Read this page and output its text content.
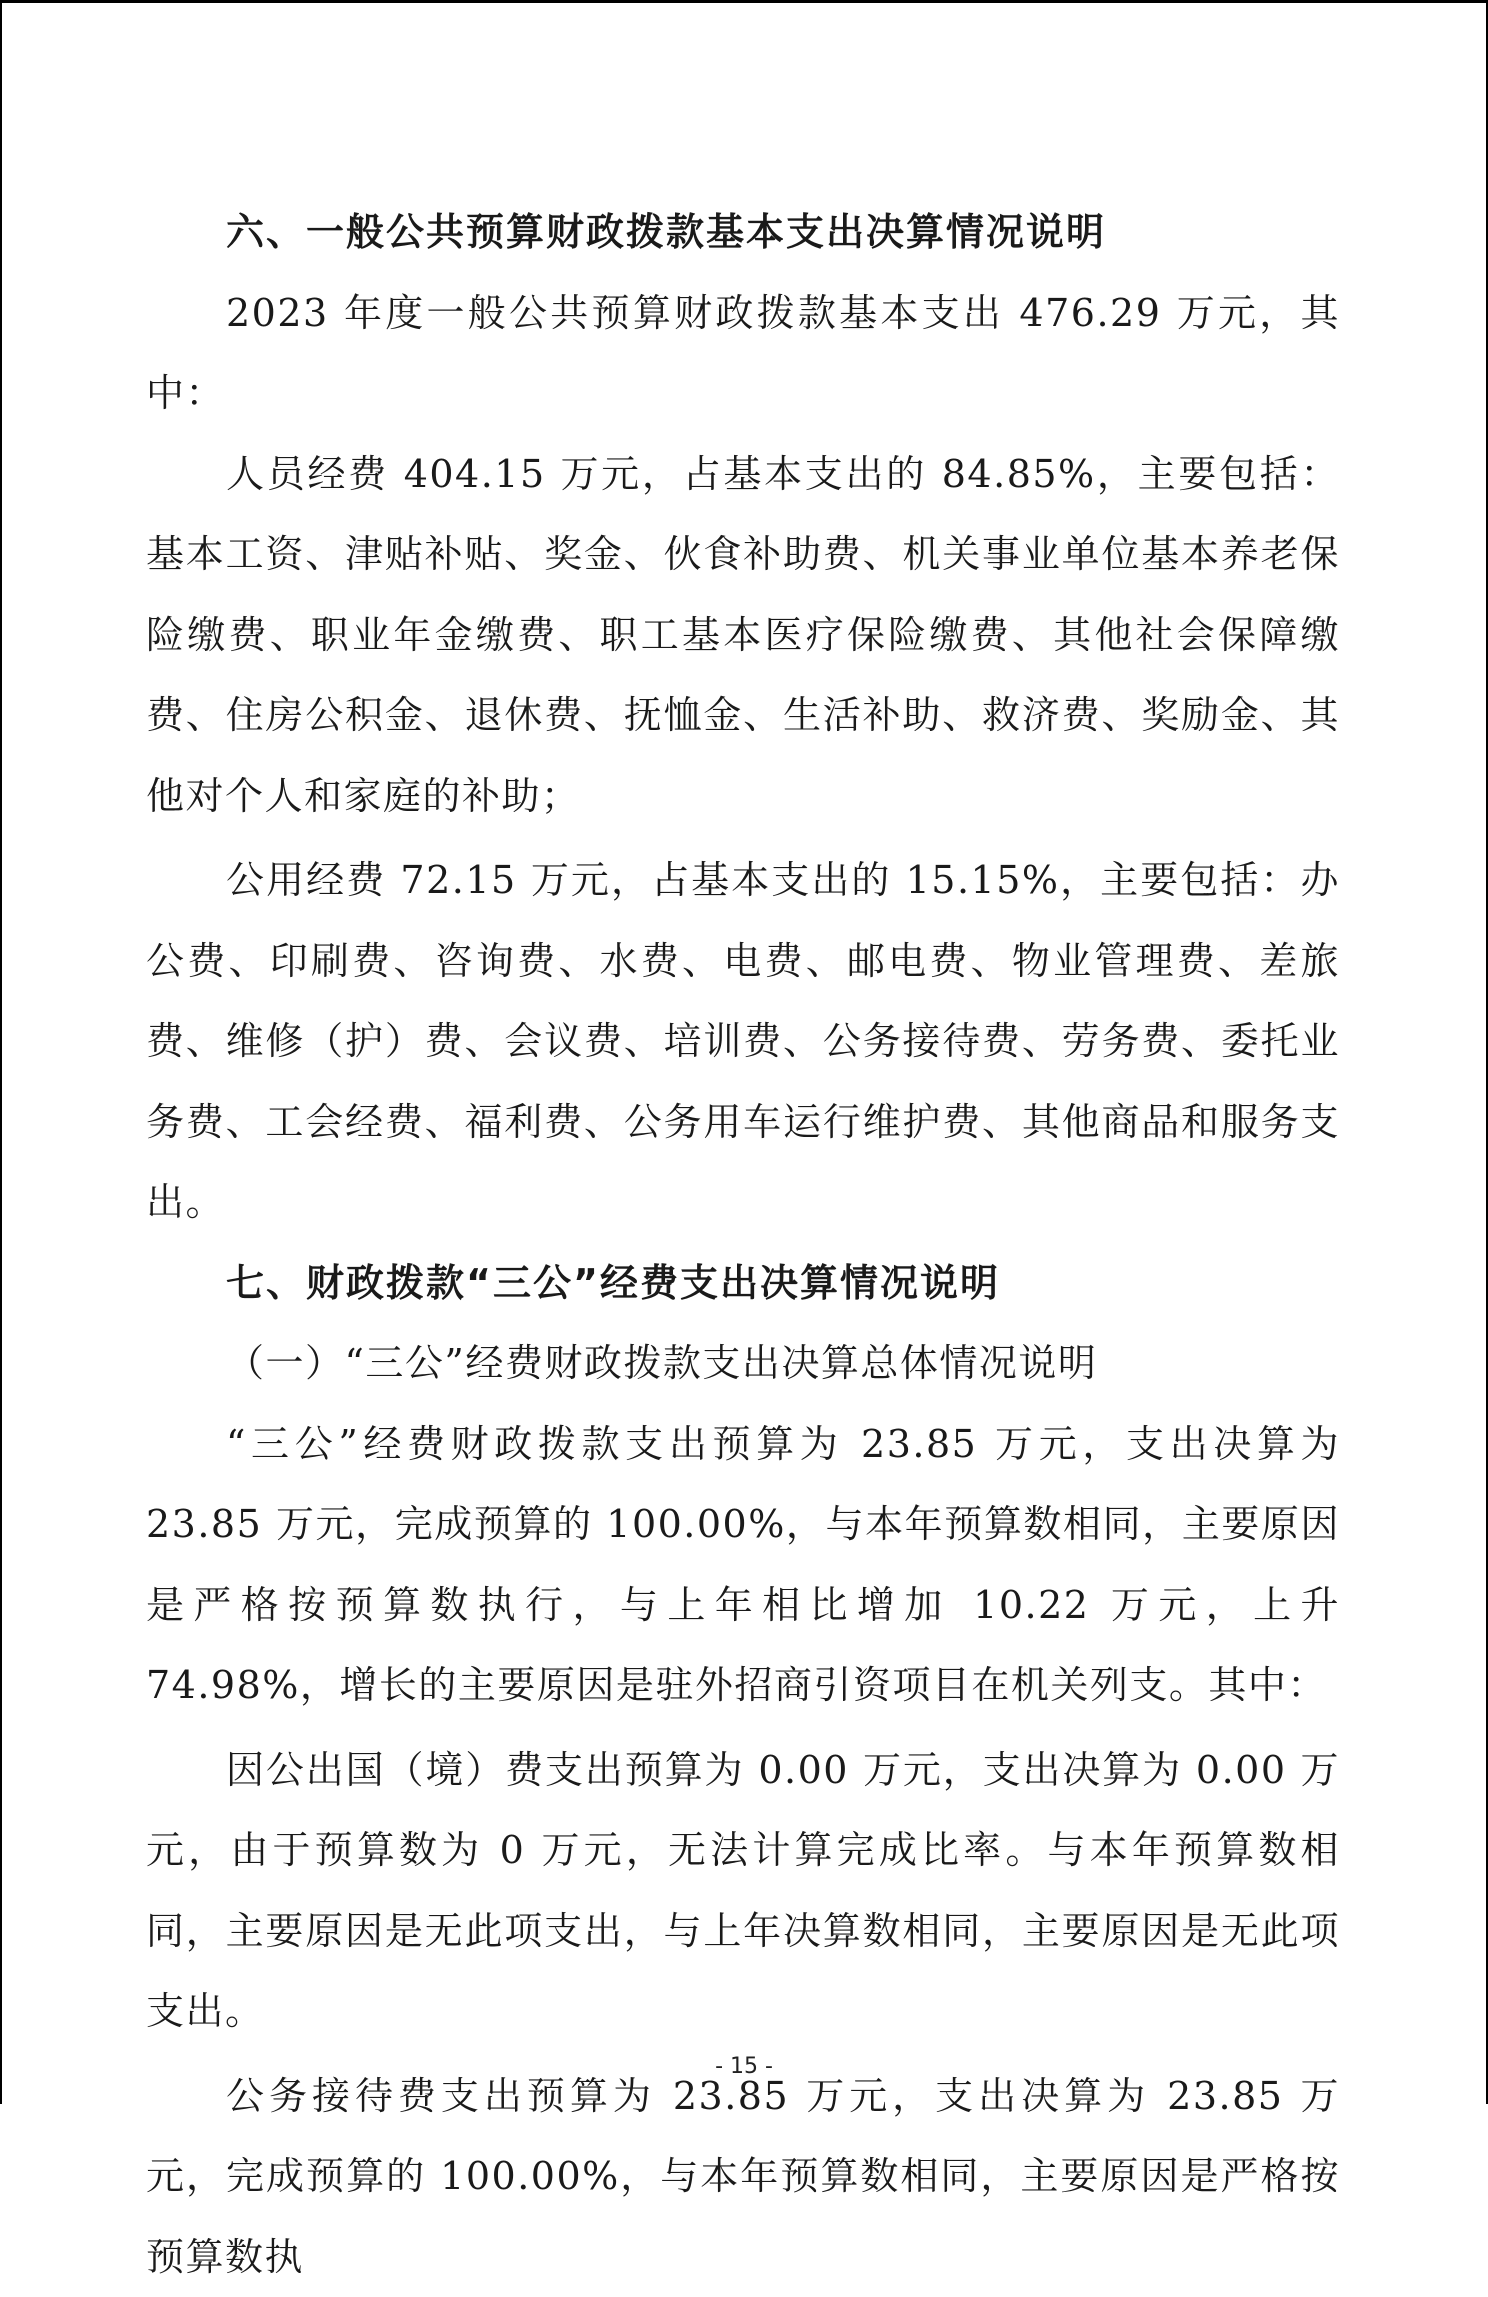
六、一般公共预算财政拨款基本支出决算情况说明

2023 年度一般公共预算财政拨款基本支出 476.29 万元，其中：

人员经费 404.15 万元，占基本支出的 84.85%，主要包括：基本工资、津贴补贴、奖金、伙食补助费、机关事业单位基本养老保险缴费、职业年金缴费、职工基本医疗保险缴费、其他社会保障缴费、住房公积金、退休费、抚恤金、生活补助、救济费、奖励金、其他对个人和家庭的补助；

公用经费 72.15 万元，占基本支出的 15.15%，主要包括：办公费、印刷费、咨询费、水费、电费、邮电费、物业管理费、差旅费、维修（护）费、会议费、培训费、公务接待费、劳务费、委托业务费、工会经费、福利费、公务用车运行维护费、其他商品和服务支出。

七、财政拨款“三公”经费支出决算情况说明

（一）“三公”经费财政拨款支出决算总体情况说明

“三公”经费财政拨款支出预算为 23.85 万元，支出决算为 23.85 万元，完成预算的 100.00%，与本年预算数相同，主要原因是严格按预算数执行，与上年相比增加 10.22 万元，上升 74.98%，增长的主要原因是驻外招商引资项目在机关列支。其中：

因公出国（境）费支出预算为 0.00 万元，支出决算为 0.00 万元，由于预算数为 0 万元，无法计算完成比率。与本年预算数相同，主要原因是无此项支出，与上年决算数相同，主要原因是无此项支出。

公务接待费支出预算为 23.85 万元，支出决算为 23.85 万元，完成预算的 100.00%，与本年预算数相同，主要原因是严格按预算数执

- 15 -
